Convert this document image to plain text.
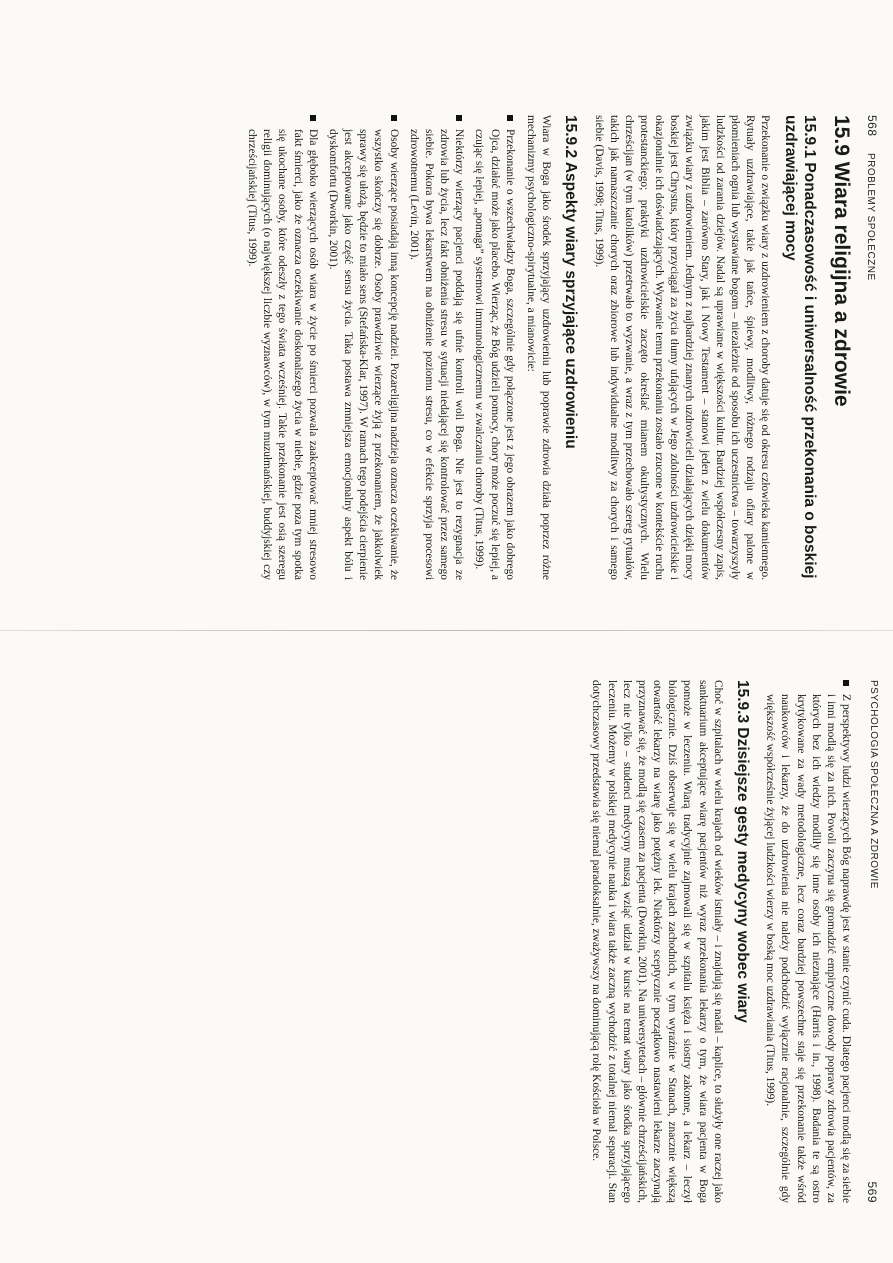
568     PROBLEMY SPOŁECZNE
15.9 Wiara religijna a zdrowie
15.9.1 Ponadczasowość i uniwersalność przekonania o boskiej uzdrawiającej mocy

Przekonanie o związku wiary z uzdrowieniem z choroby datuje się od okresu człowieka kamiennego. Rytuały uzdrawiające, takie jak tańce, śpiewy, modlitwy, różnego rodzaju ofiary palone w płomieniach ognia lub wystawiane bogom – niezależnie od sposobu ich uczestnictwa – towarzyszyły ludzkości od zarania dziejów. Nadal są uprawiane w większości kultur. Bardziej współczesny zapis, jakim jest Biblia – zarówno Stary, jak i Nowy Testament – stanowi jeden z wielu dokumentów związku wiary z uzdrowieniem. Jednym z najbardziej znanych uzdrowicieli działających dzięki mocy boskiej jest Chrystus, który przyciągał za życia tłumy ufających w Jego zdolności uzdrowicielskie i okazjonalnie ich doświadczających. Wyzwanie temu przekonaniu zostało rzucone w kontekście ruchu protestanckiego; praktyki uzdrowicielskie zaczęto określać mianem okultystycznych. Wielu chrześcijan (w tym katolików) przetrwało to wyzwanie, a wraz z tym przechowało szereg rytuałów, takich jak namaszczanie chorych oraz zbiorowe lub indywidualne modlitwy za chorych i samego siebie (Davis, 1998; Titus, 1999).

15.9.2 Aspekty wiary sprzyjające uzdrowieniu

Wiara w Boga jako środek sprzyjający uzdrowieniu lub poprawie zdrowia działa poprzez różne mechanizmy psychologiczno-spirytualne, a mianowicie:

Przekonanie o wszechwładzy Boga, szczególnie gdy połączone jest z jego obrazem jako dobrego Ojca, działać może jako placebo. Wierząc, że Bóg udzieli pomocy, chory może poczuć się lepiej, a czując się lepiej, „pomaga” systemowi immunologicznemu w zwalczaniu choroby (Titus, 1999).
Niektórzy wierzący pacjenci poddają się ufnie kontroli woli Boga. Nie jest to rezygnacja ze zdrowia lub życia, lecz fakt obniżenia stresu w sytuacji niedającej się kontrolować przez samego siebie. Pokora bywa lekarstwem na obniżenie poziomu stresu, co w efekcie sprzyja procesowi zdrowotnemu (Levin, 2001).
Osoby wierzące posiadają inną koncepcję nadziei. Pozareligijna nadzieja oznacza oczekiwanie, że wszystko skończy się dobrze. Osoby prawdziwie wierzące żyją z przekonaniem, że jakkolwiek sprawy się ułożą, będzie to miało sens (Stefańska-Klar, 1997). W ramach tego podejścia cierpienie jest akceptowane jako część sensu życia. Taka postawa zmniejsza emocjonalny aspekt bólu i dyskomfortu (Dworkin, 2001).
Dla głęboko wierzących osób wiara w życie po śmierci pozwala zaakceptować mniej stresowo fakt śmierci, jako że oznacza oczekiwanie doskonalszego życia w niebie, gdzie poza tym spotka się ukochane osoby, które odeszły z tego świata wcześniej. Takie przekonanie jest osią szeregu religii dominujących (o największej liczbie wyznawców), w tym muzułmańskiej, buddyjskiej czy chrześcijańskiej (Titus, 1999).
PSYCHOLOGIA SPOŁECZNA A ZDROWIE
569
Z perspektywy ludzi wierzących Bóg naprawdę jest w stanie czynić cuda. Dlatego pacjenci modlą się za siebie i inni modlą się za nich. Powoli zaczyna się gromadzić empiryczne dowody poprawy zdrowia pacjentów, za których bez ich wiedzy modliły się inne osoby ich nieznające (Harris i in., 1998). Badania te są ostro krytykowane za wady metodologiczne, lecz coraz bardziej powszechne staje się przekonanie także wśród naukowców i lekarzy, że do uzdrowienia nie należy podchodzić wyłącznie racjonalnie, szczególnie gdy większość współcześnie żyjącej ludzkości wierzy w boską moc uzdrawiania (Titus, 1999).
15.9.3 Dzisiejsze gesty medycyny wobec wiary

Choć w szpitalach w wielu krajach od wieków istniały – i znajdują się nadal – kaplice, to służyły one raczej jako sanktuarium akceptujące wiarę pacjentów niż wyraz przekonania lekarzy o tym, że wiara pacjenta w Boga pomoże w leczeniu. Wiarą tradycyjnie zajmowali się w szpitalu księża i siostry zakonne, a lekarz – leczył biologicznie. Dziś obserwuje się w wielu krajach zachodnich, w tym wyraźnie w Stanach, znacznie większą otwartość lekarzy na wiarę jako potężny lek. Niektórzy sceptycznie początkowo nastawieni lekarze zaczynają przyznawać się, że modlą się czasem za pacjenta (Dworkin, 2001). Na uniwersytetach – głównie chrześcijańskich, lecz nie tylko – studenci medycyny muszą wziąć udział w kursie na temat wiary jako środka sprzyjającego leczeniu. Możemy w polskiej medycynie nauka i wiara także zaczną wychodzić z totalnej niemal separacji. Stan dotychczasowy przedstawia się niemal paradoksalnie, zważywszy na dominującą rolę Kościoła w Polsce.
